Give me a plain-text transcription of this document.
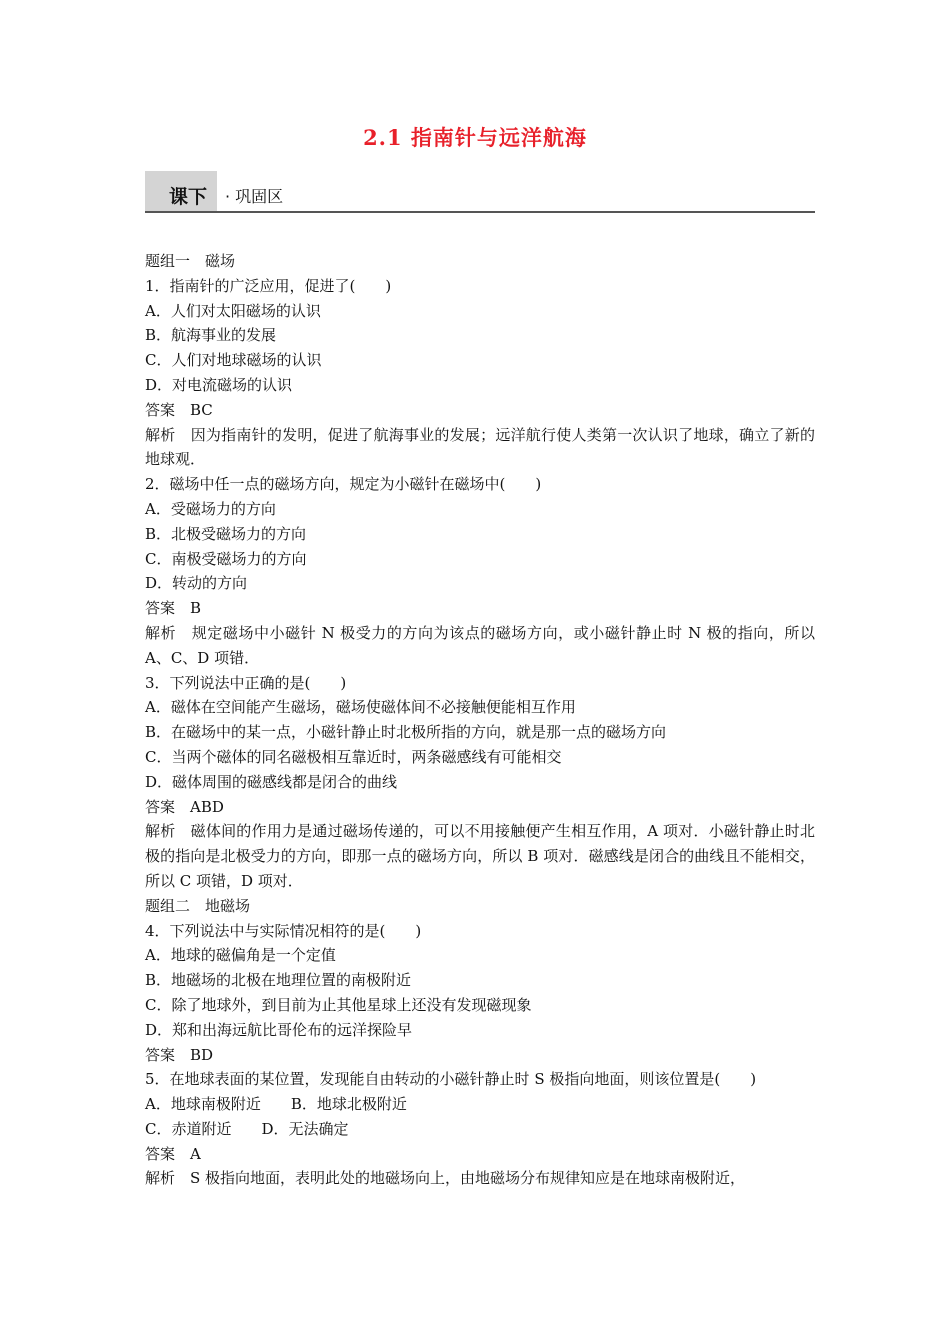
2.1 指南针与远洋航海
课下 · 巩固区

题组一　磁场

1．指南针的广泛应用，促进了(　　)

A．人们对太阳磁场的认识

B．航海事业的发展

C．人们对地球磁场的认识

D．对电流磁场的认识

答案　BC

解析　因为指南针的发明，促进了航海事业的发展；远洋航行使人类第一次认识了地球，确立了新的地球观．

2．磁场中任一点的磁场方向，规定为小磁针在磁场中(　　)

A．受磁场力的方向

B．北极受磁场力的方向

C．南极受磁场力的方向

D．转动的方向

答案　B

解析　规定磁场中小磁针 N 极受力的方向为该点的磁场方向，或小磁针静止时 N 极的指向，所以 A、C、D 项错．

3．下列说法中正确的是(　　)

A．磁体在空间能产生磁场，磁场使磁体间不必接触便能相互作用

B．在磁场中的某一点，小磁针静止时北极所指的方向，就是那一点的磁场方向

C．当两个磁体的同名磁极相互靠近时，两条磁感线有可能相交

D．磁体周围的磁感线都是闭合的曲线

答案　ABD

解析　磁体间的作用力是通过磁场传递的，可以不用接触便产生相互作用，A 项对．小磁针静止时北极的指向是北极受力的方向，即那一点的磁场方向，所以 B 项对．磁感线是闭合的曲线且不能相交，所以 C 项错，D 项对．

题组二　地磁场

4．下列说法中与实际情况相符的是(　　)

A．地球的磁偏角是一个定值

B．地磁场的北极在地理位置的南极附近

C．除了地球外，到目前为止其他星球上还没有发现磁现象

D．郑和出海远航比哥伦布的远洋探险早

答案　BD

5．在地球表面的某位置，发现能自由转动的小磁针静止时 S 极指向地面，则该位置是(　　)

A．地球南极附近　　B．地球北极附近

C．赤道附近　　D．无法确定

答案　A

解析　S 极指向地面，表明此处的地磁场向上，由地磁场分布规律知应是在地球南极附近，
